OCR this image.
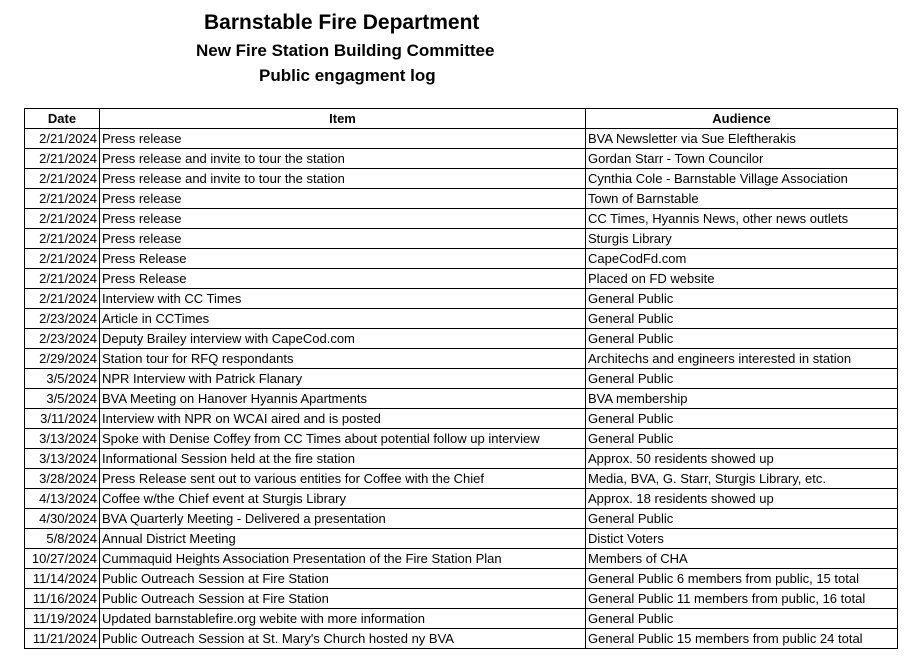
Barnstable Fire Department
New Fire Station Building Committee
Public engagment log
Date	Item	Audience
2/21/2024	Press release	BVA Newsletter via Sue Eleftherakis
2/21/2024	Press release and invite to tour the station	Gordan Starr - Town Councilor
2/21/2024	Press release and invite to tour the station	Cynthia Cole - Barnstable Village Association
2/21/2024	Press release	Town of Barnstable
2/21/2024	Press release	CC Times, Hyannis News, other news outlets
2/21/2024	Press release	Sturgis Library
2/21/2024	Press Release	CapeCodFd.com
2/21/2024	Press Release	Placed on FD website
2/21/2024	Interview with CC Times	General Public
2/23/2024	Article in CCTimes	General Public
2/23/2024	Deputy Brailey interview with CapeCod.com	General Public
2/29/2024	Station tour for RFQ respondants	Architechs and engineers interested in station
3/5/2024	NPR Interview with Patrick Flanary	General Public
3/5/2024	BVA Meeting on Hanover Hyannis Apartments	BVA membership
3/11/2024	Interview with NPR on WCAI aired and is posted	General Public
3/13/2024	Spoke with Denise Coffey from CC Times about potential follow up interview	General Public
3/13/2024	Informational Session held at the fire station	Approx. 50 residents showed up
3/28/2024	Press Release sent out to various entities for Coffee with the Chief	Media, BVA, G. Starr, Sturgis Library, etc.
4/13/2024	Coffee w/the Chief event at Sturgis Library	Approx. 18 residents showed up
4/30/2024	BVA Quarterly Meeting - Delivered a presentation	General Public
5/8/2024	Annual District Meeting	Distict Voters
10/27/2024	Cummaquid Heights Association Presentation of the Fire Station Plan	Members of CHA
11/14/2024	Public Outreach Session at Fire Station	General Public 6 members from public, 15 total
11/16/2024	Public Outreach Session at Fire Station	General Public 11 members from public, 16 total
11/19/2024	Updated barnstablefire.org webite with more information	General Public
11/21/2024	Public Outreach Session at St. Mary's Church hosted ny BVA	General Public 15 members from public 24 total
